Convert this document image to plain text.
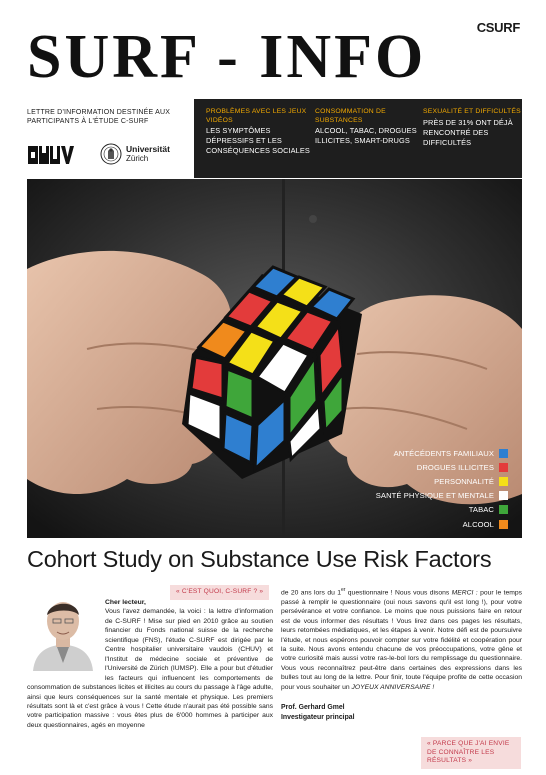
CSURF
SURF - INFO

LETTRE D'INFORMATION DESTINÉE AUX PARTICIPANTS À L'ÉTUDE C-SURF

Universität
Zürich
PROBLÈMES AVEC LES JEUX VIDÉOS
LES SYMPTÔMES DÉPRESSIFS ET LES CONSÉQUENCES SOCIALES
CONSOMMATION DE SUBSTANCES
ALCOOL, TABAC, DROGUES ILLICITES, SMART-DRUGS
SEXUALITÉ ET DIFFICULTÉS
PRÈS DE 31% ONT DÉJÀ RENCONTRÉ DES DIFFICULTÉS
ANTÉCÉDENTS FAMILIAUX
DROGUES ILLICITES
PERSONNALITÉ
SANTÉ PHYSIQUE ET MENTALE
TABAC
ALCOOL
Cohort Study on Substance Use Risk Factors
« C'EST QUOI, C-SURF ? »
Cher lecteur,
Vous l'avez demandée, la voici : la lettre d'information de C-SURF ! Mise sur pied en 2010 grâce au soutien financier du Fonds national suisse de la recherche scientifique (FNS), l'étude C-SURF est dirigée par le Centre hospitalier universitaire vaudois (CHUV) et l'Institut de médecine sociale et préventive de l'Université de Zürich (IUMSP). Elle a pour but d'étudier les facteurs qui influencent les comportements de consommation de substances licites et illicites au cours du passage à l'âge adulte, ainsi que leurs conséquences sur la santé mentale et physique. Les premiers résultats sont là et c'est grâce à vous ! Cette étude n'aurait pas été possible sans votre participation massive : vous êtes plus de 6'000 hommes à participer aux deux questionnaires, agés en moyenne

de 20 ans lors du 1er questionnaire ! Nous vous disons MERCI : pour le temps passé à remplir le questionnaire (oui nous savons qu'il est long !), pour votre persévérance et votre confiance. Le moins que nous puissions faire en retour est de vous informer des résultats ! Vous lirez dans ces pages les résultats, leurs retombées médiatiques, et les étapes à venir. Notre défi est de poursuivre l'étude, et nous espérons pouvoir compter sur votre fidélité et coopération pour la suite. Nous avons entendu chacune de vos préoccupations, votre gêne et votre curiosité mais aussi votre ras-le-bol lors du remplissage du questionnaire. Vous vous reconnaîtrez peut-être dans certaines des expressions dans les bulles tout au long de la lettre. Pour finir, toute l'équipe profite de cette occasion pour vous souhaiter un JOYEUX ANNIVERSAIRE !

Prof. Gerhard Gmel
Investigateur principal
« PARCE QUE J'AI ENVIE DE CONNAÎTRE LES RÉSULTATS »
